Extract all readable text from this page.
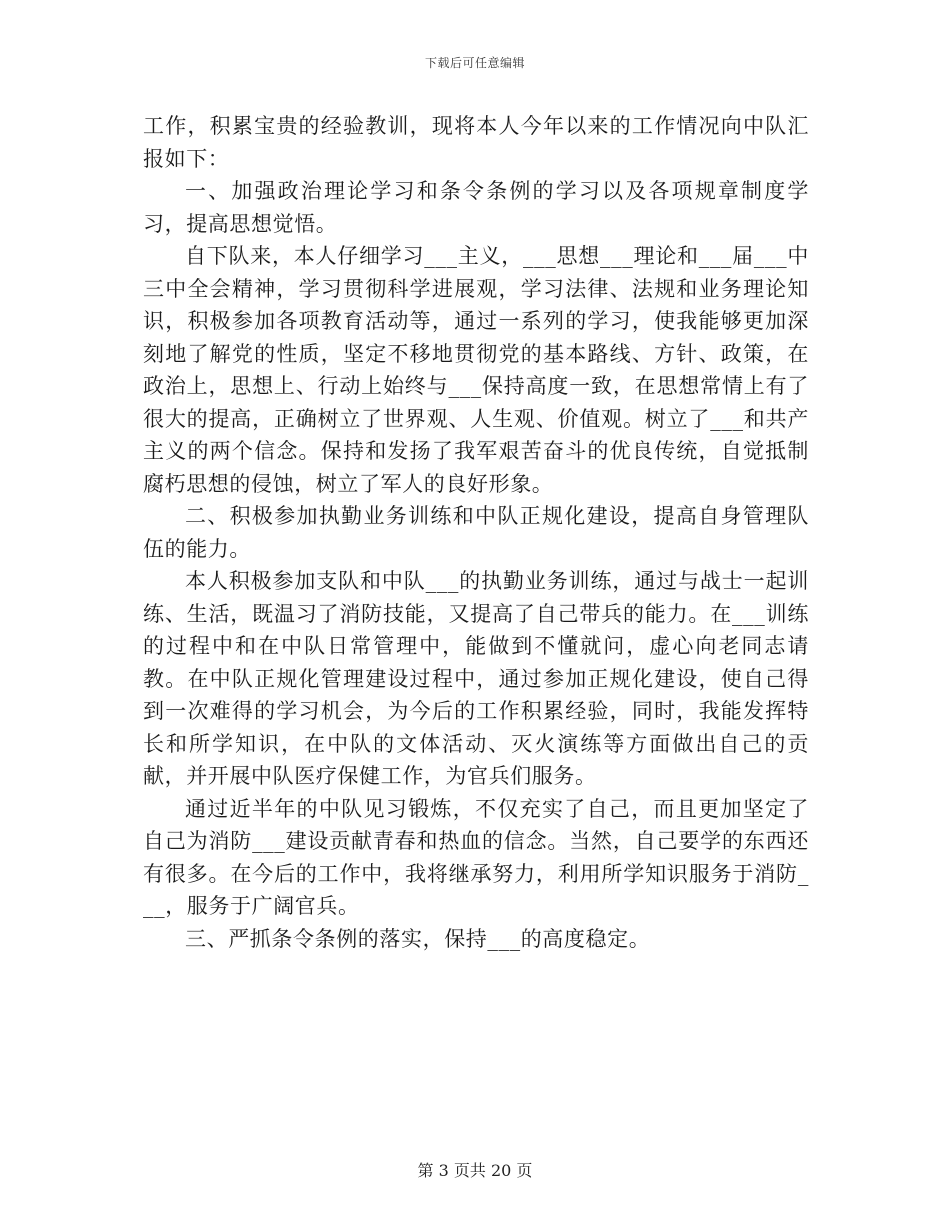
下载后可任意编辑

工作，积累宝贵的经验教训，现将本人今年以来的工作情况向中队汇报如下：

一、加强政治理论学习和条令条例的学习以及各项规章制度学习，提高思想觉悟。

自下队来，本人仔细学习___主义，___思想___理论和___届___中三中全会精神，学习贯彻科学进展观，学习法律、法规和业务理论知识，积极参加各项教育活动等，通过一系列的学习，使我能够更加深刻地了解党的性质，坚定不移地贯彻党的基本路线、方针、政策，在政治上，思想上、行动上始终与___保持高度一致，在思想常情上有了很大的提高，正确树立了世界观、人生观、价值观。树立了___和共产主义的两个信念。保持和发扬了我军艰苦奋斗的优良传统，自觉抵制腐朽思想的侵蚀，树立了军人的良好形象。

二、积极参加执勤业务训练和中队正规化建设，提高自身管理队伍的能力。

本人积极参加支队和中队___的执勤业务训练，通过与战士一起训练、生活，既温习了消防技能，又提高了自己带兵的能力。在___训练的过程中和在中队日常管理中，能做到不懂就问，虚心向老同志请教。在中队正规化管理建设过程中，通过参加正规化建设，使自己得到一次难得的学习机会，为今后的工作积累经验，同时，我能发挥特长和所学知识，在中队的文体活动、灭火演练等方面做出自己的贡献，并开展中队医疗保健工作，为官兵们服务。

通过近半年的中队见习锻炼，不仅充实了自己，而且更加坚定了自己为消防___建设贡献青春和热血的信念。当然，自己要学的东西还有很多。在今后的工作中，我将继承努力，利用所学知识服务于消防___，服务于广阔官兵。

三、严抓条令条例的落实，保持___的高度稳定。

第 3 页共 20 页
